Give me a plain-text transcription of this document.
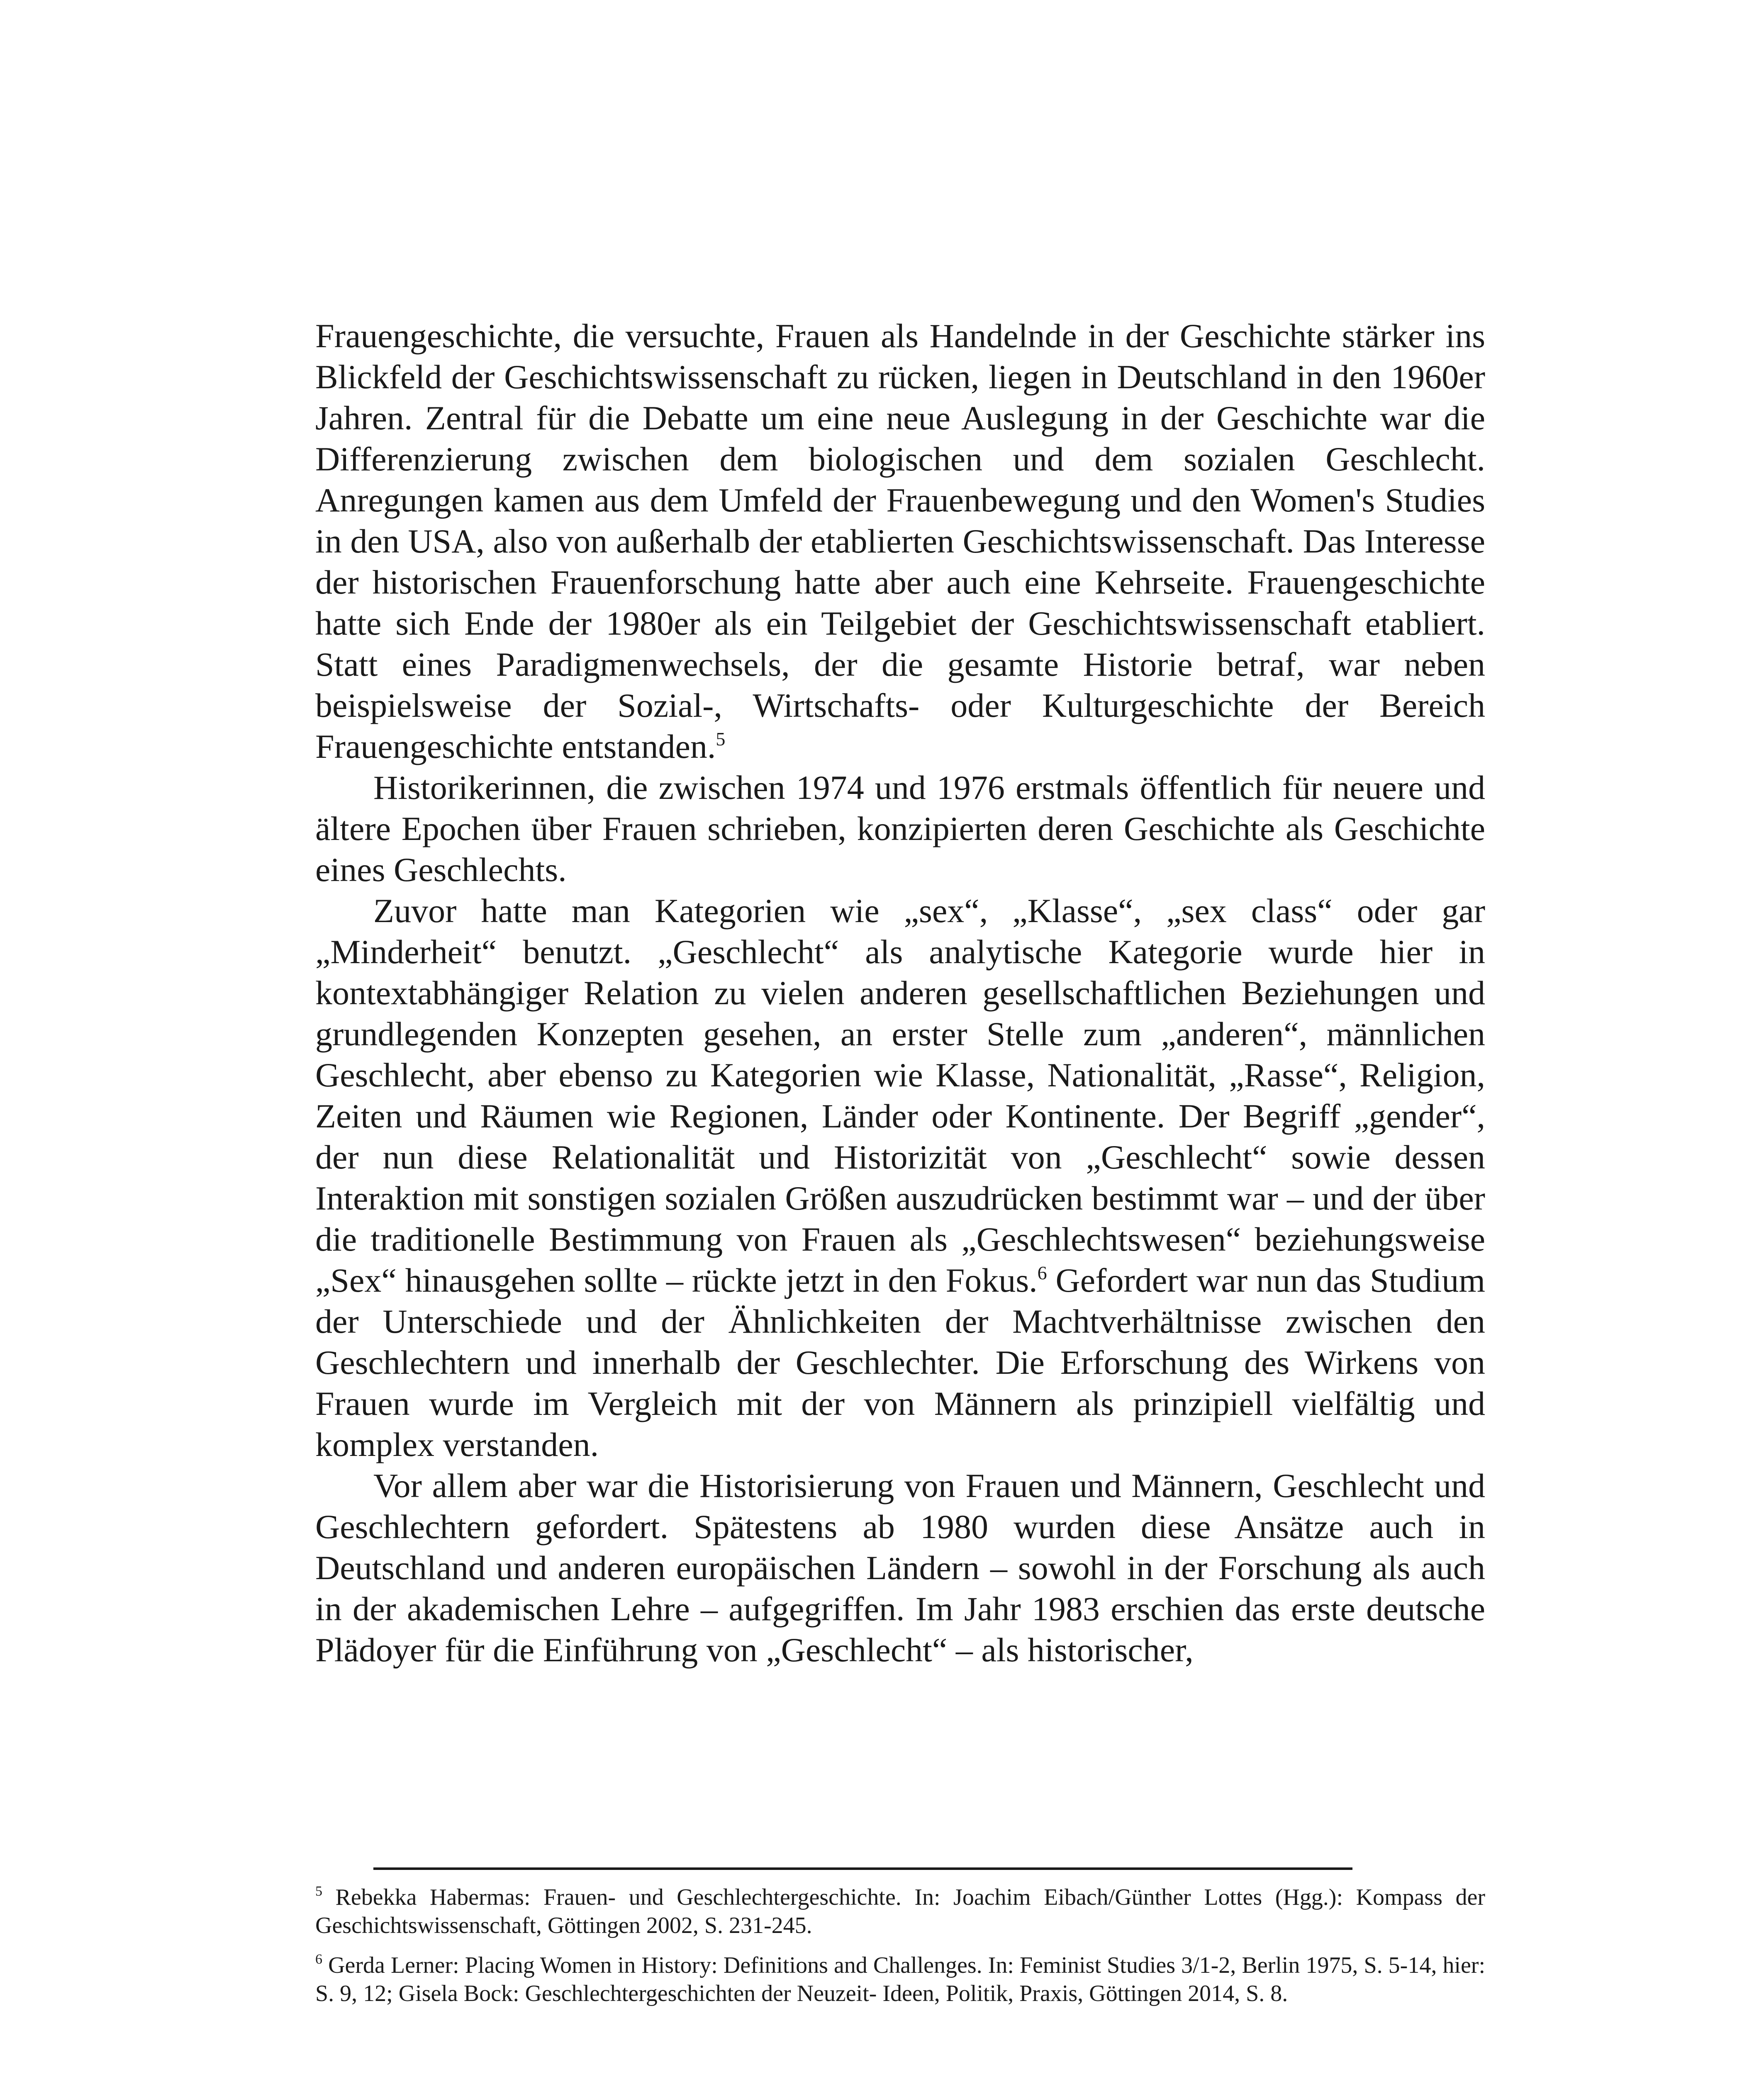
Frauengeschichte, die versuchte, Frauen als Handelnde in der Geschichte stärker ins Blickfeld der Geschichtswissenschaft zu rücken, liegen in Deutschland in den 1960er Jahren. Zentral für die Debatte um eine neue Auslegung in der Geschichte war die Differenzierung zwischen dem biologischen und dem sozialen Geschlecht. Anregungen kamen aus dem Umfeld der Frauenbewegung und den Women's Studies in den USA, also von außerhalb der etablierten Geschichtswissenschaft. Das Interesse der historischen Frauenforschung hatte aber auch eine Kehrseite. Frauengeschichte hatte sich Ende der 1980er als ein Teilgebiet der Geschichtswissenschaft etabliert. Statt eines Paradigmenwechsels, der die gesamte Historie betraf, war neben beispielsweise der Sozial-, Wirtschafts- oder Kulturgeschichte der Bereich Frauengeschichte entstanden.$^5$

Historikerinnen, die zwischen 1974 und 1976 erstmals öffentlich für neuere und ältere Epochen über Frauen schrieben, konzipierten deren Geschichte als Geschichte eines Geschlechts.

Zuvor hatte man Kategorien wie „sex“, „Klasse“, „sex class“ oder gar „Minderheit“ benutzt. „Geschlecht“ als analytische Kategorie wurde hier in kontextabhängiger Relation zu vielen anderen gesellschaftlichen Beziehungen und grundlegenden Konzepten gesehen, an erster Stelle zum „anderen“, männlichen Geschlecht, aber ebenso zu Kategorien wie Klasse, Nationalität, „Rasse“, Religion, Zeiten und Räumen wie Regionen, Länder oder Kontinente. Der Begriff „gender“, der nun diese Relationalität und Historizität von „Geschlecht“ sowie dessen Interaktion mit sonstigen sozialen Größen auszudrücken bestimmt war – und der über die traditionelle Bestimmung von Frauen als „Geschlechtswesen“ beziehungsweise „Sex“ hinausgehen sollte – rückte jetzt in den Fokus.$^6$ Gefordert war nun das Studium der Unterschiede und der Ähnlichkeiten der Machtverhältnisse zwischen den Geschlechtern und innerhalb der Geschlechter. Die Erforschung des Wirkens von Frauen wurde im Vergleich mit der von Männern als prinzipiell vielfältig und komplex verstanden.

Vor allem aber war die Historisierung von Frauen und Männern, Geschlecht und Geschlechtern gefordert. Spätestens ab 1980 wurden diese Ansätze auch in Deutschland und anderen europäischen Ländern – sowohl in der Forschung als auch in der akademischen Lehre – aufgegriffen. Im Jahr 1983 erschien das erste deutsche Plädoyer für die Einführung von „Geschlecht“ – als historischer,

$^5$ Rebekka Habermas: Frauen- und Geschlechtergeschichte. In: Joachim Eibach/Günther Lottes (Hgg.): Kompass der Geschichtswissenschaft, Göttingen 2002, S. 231-245.

$^6$ Gerda Lerner: Placing Women in History: Definitions and Challenges. In: Feminist Studies 3/1-2, Berlin 1975, S. 5-14, hier: S. 9, 12; Gisela Bock: Geschlechtergeschichten der Neuzeit- Ideen, Politik, Praxis, Göttingen 2014, S. 8.
